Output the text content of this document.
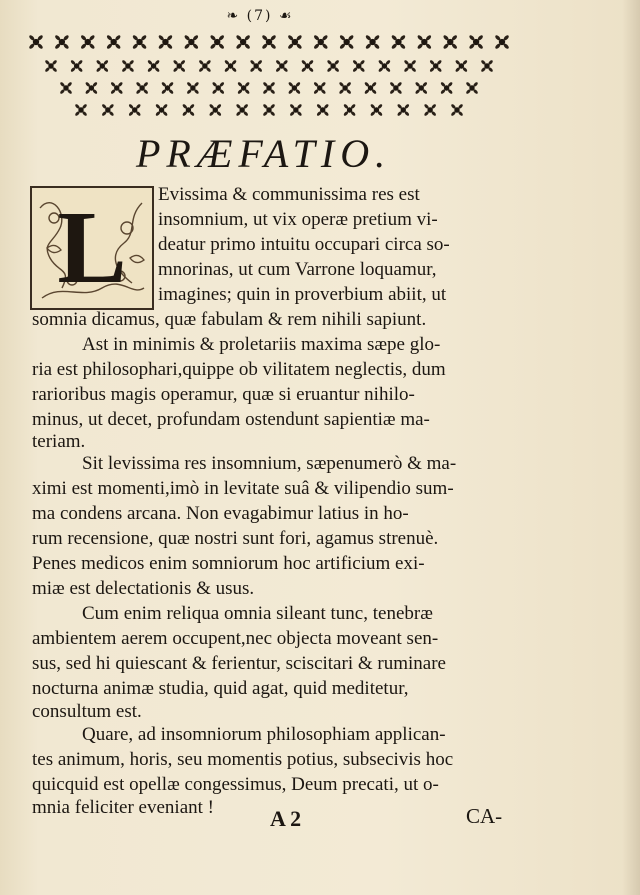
❧ (7) ☙
PRÆFATIO.
L	Evissima & communissima res est
insomnium, ut vix operæ pretium vi-
deatur primo intuitu occupari circa so-
mnorinas, ut cum Varrone loquamur,
imagines; quin in proverbium abiit, ut
somnia dicamus, quæ fabulam & rem nihili sapiunt.
Ast in minimis & proletariis maxima sæpe glo-
ria est philosophari,quippe ob vilitatem neglectis, dum
rarioribus magis operamur, quæ si eruantur nihilo-
minus, ut decet, profundam ostendunt sapientiæ ma-
teriam.
Sit levissima res insomnium, sæpenumerò & ma-
ximi est momenti,imò in levitate suâ & vilipendio sum-
ma condens arcana. Non evagabimur latius in ho-
rum recensione, quæ nostri sunt fori, agamus strenuè.
Penes medicos enim somniorum hoc artificium exi-
miæ est delectationis & usus.
Cum enim reliqua omnia sileant tunc, tenebræ
ambientem aerem occupent,nec objecta moveant sen-
sus, sed hi quiescant & ferientur, sciscitari & ruminare
nocturna animæ studia, quid agat, quid meditetur,
consultum est.
Quare, ad insomniorum philosophiam applican-
tes animum, horis, seu momentis potius, subsecivis hoc
quicquid est opellæ congessimus, Deum precati, ut o-
mnia feliciter eveniant !	A 2	CA-
